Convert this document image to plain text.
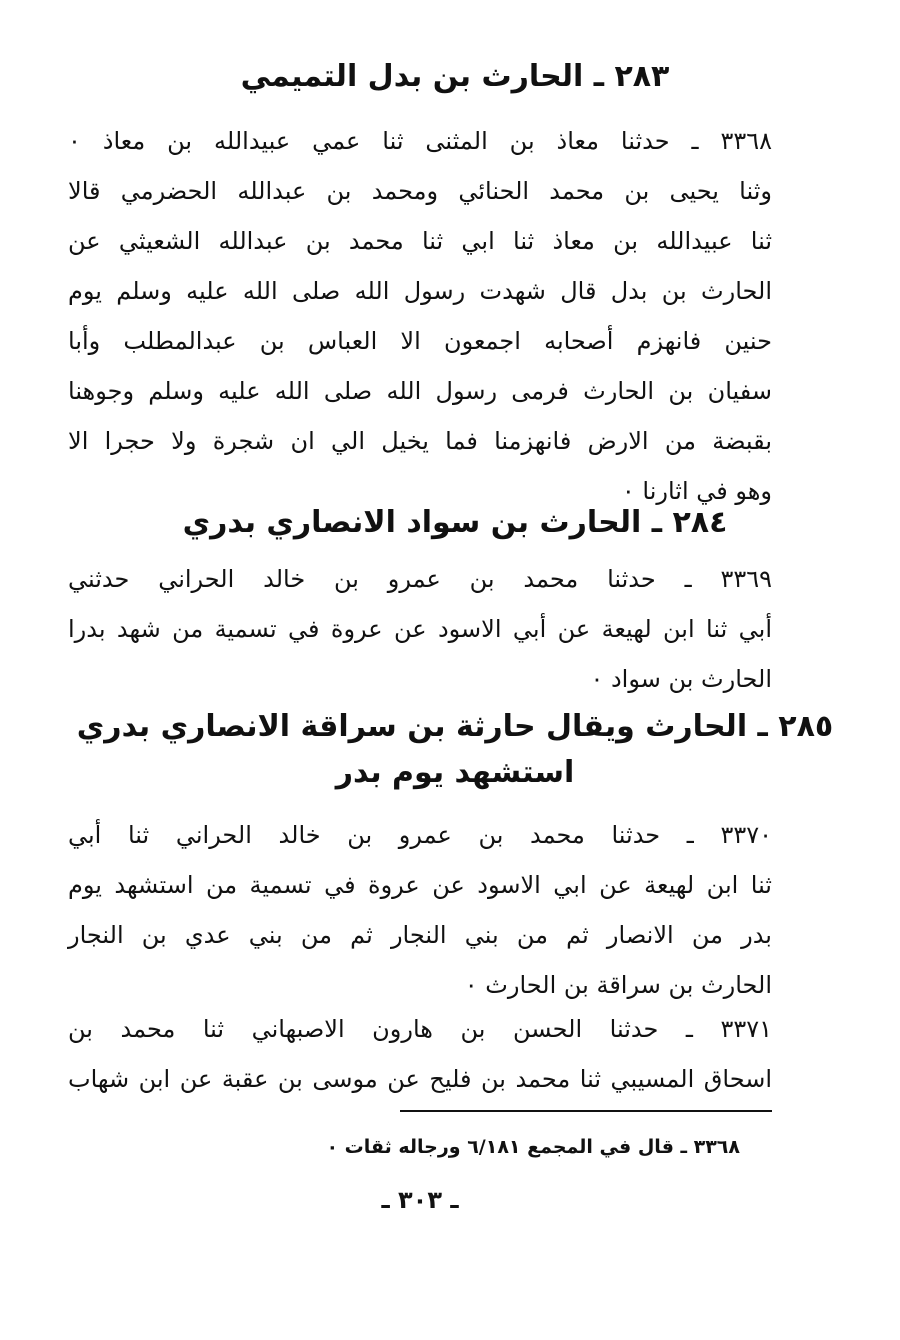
٢٨٣ ـ الحارث بن بدل التميمي
٣٣٦٨ ـ حدثنا معاذ بن المثنى ثنا عمي عبيدالله بن معاذ ٠
وثنا يحيى بن محمد الحنائي ومحمد بن عبدالله الحضرمي قالا
ثنا عبيدالله بن معاذ ثنا ابي ثنا محمد بن عبدالله الشعيثي عن
الحارث بن بدل قال شهدت رسول الله صلى الله عليه وسلم يوم
حنين فانهزم أصحابه اجمعون الا العباس بن عبدالمطلب وأبا
سفيان بن الحارث فرمى رسول الله صلى الله عليه وسلم وجوهنا
بقبضة من الارض فانهزمنا فما يخيل الي ان شجرة ولا حجرا الا
وهو في اثارنا ٠
٢٨٤ ـ الحارث بن سواد الانصاري بدري
٣٣٦٩ ـ حدثنا محمد بن عمرو بن خالد الحراني حدثني
أبي ثنا ابن لهيعة عن أبي الاسود عن عروة في تسمية من شهد بدرا
الحارث بن سواد ٠
٢٨٥ ـ الحارث ويقال حارثة بن سراقة الانصاري بدري
استشهد يوم بدر
٣٣٧٠ ـ حدثنا محمد بن عمرو بن خالد الحراني ثنا أبي
ثنا ابن لهيعة عن ابي الاسود عن عروة في تسمية من استشهد يوم
بدر من الانصار ثم من بني النجار ثم من بني عدي بن النجار
الحارث بن سراقة بن الحارث ٠
٣٣٧١ ـ حدثنا الحسن بن هارون الاصبهاني ثنا محمد بن
اسحاق المسيبي ثنا محمد بن فليح عن موسى بن عقبة عن ابن شهاب
٣٣٦٨ ـ قال في المجمع ٦/١٨١ ورجاله ثقات ٠
ـ ٣٠٣ ـ
